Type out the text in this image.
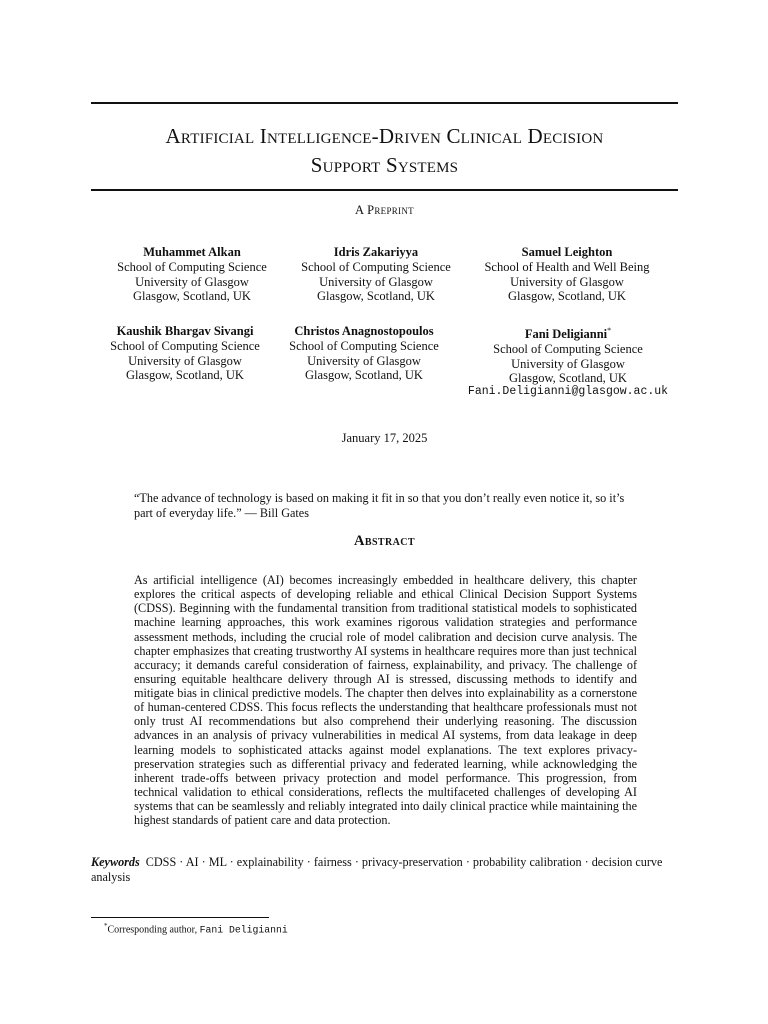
Artificial Intelligence-Driven Clinical Decision
Support Systems
A Preprint
Muhammet Alkan
School of Computing Science
University of Glasgow
Glasgow, Scotland, UK
Idris Zakariyya
School of Computing Science
University of Glasgow
Glasgow, Scotland, UK
Samuel Leighton
School of Health and Well Being
University of Glasgow
Glasgow, Scotland, UK
Kaushik Bhargav Sivangi
School of Computing Science
University of Glasgow
Glasgow, Scotland, UK
Christos Anagnostopoulos
School of Computing Science
University of Glasgow
Glasgow, Scotland, UK
Fani Deligianni*
School of Computing Science
University of Glasgow
Glasgow, Scotland, UK
Fani.Deligianni@glasgow.ac.uk
January 17, 2025
“The advance of technology is based on making it fit in so that you don’t really even notice it, so it’s part of everyday life.” — Bill Gates
Abstract
As artificial intelligence (AI) becomes increasingly embedded in healthcare delivery, this chapter explores the critical aspects of developing reliable and ethical Clinical Decision Support Systems (CDSS). Beginning with the fundamental transition from traditional statistical models to sophisticated machine learning approaches, this work examines rigorous validation strategies and performance assessment methods, including the crucial role of model calibration and decision curve analysis. The chapter emphasizes that creating trustworthy AI systems in healthcare requires more than just technical accuracy; it demands careful consideration of fairness, explainability, and privacy. The challenge of ensuring equitable healthcare delivery through AI is stressed, discussing methods to identify and mitigate bias in clinical predictive models. The chapter then delves into explainability as a cornerstone of human-centered CDSS. This focus reflects the understanding that healthcare professionals must not only trust AI recommendations but also comprehend their underlying reasoning. The discussion advances in an analysis of privacy vulnerabilities in medical AI systems, from data leakage in deep learning models to sophisticated attacks against model explanations. The text explores privacy-preservation strategies such as differential privacy and federated learning, while acknowledging the inherent trade-offs between privacy protection and model performance. This progression, from technical validation to ethical considerations, reflects the multifaceted challenges of developing AI systems that can be seamlessly and reliably integrated into daily clinical practice while maintaining the highest standards of patient care and data protection.
Keywords CDSS · AI · ML · explainability · fairness · privacy-preservation · probability calibration · decision curve analysis
*Corresponding author, Fani Deligianni
